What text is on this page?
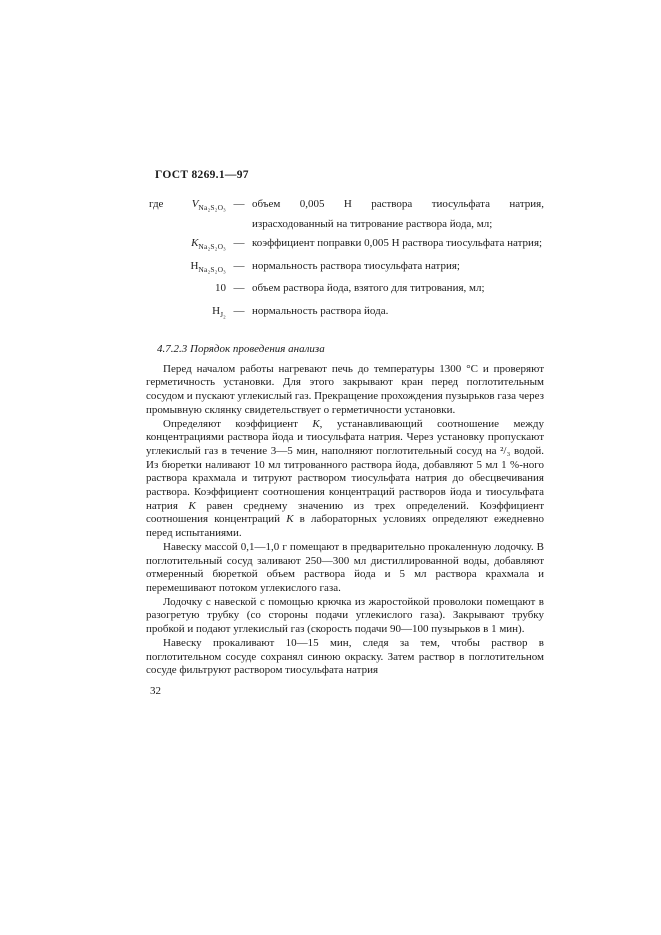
ГОСТ 8269.1—97
где	$V_{Na_2S_2O_3}$ — объем 0,005 Н раствора тиосульфата натрия, израсходованный на титрование раствора йода, мл;
$K_{Na_2S_2O_3}$ — коэффициент поправки 0,005 Н раствора тиосульфата натрия;
$Н_{Na_2S_2O_3}$ — нормальность раствора тиосульфата натрия;
10 — объем раствора йода, взятого для титрования, мл;
$Н_{J_2}$ — нормальность раствора йода.
4.7.2.3 Порядок проведения анализа

Перед началом работы нагревают печь до температуры 1300 °С и проверяют герметичность установки. Для этого закрывают кран перед поглотительным сосудом и пускают углекислый газ. Прекращение прохождения пузырьков газа через промывную склянку свидетельствует о герметичности установки.

Определяют коэффициент К, устанавливающий соотношение между концентрациями раствора йода и тиосульфата натрия. Через установку пропускают углекислый газ в течение 3—5 мин, наполняют поглотительный сосуд на ²/₃ водой. Из бюретки наливают 10 мл титрованного раствора йода, добавляют 5 мл 1 %-ного раствора крахмала и титруют раствором тиосульфата натрия до обесцвечивания раствора. Коэффициент соотношения концентраций растворов йода и тиосульфата натрия К равен среднему значению из трех определений. Коэффициент соотношения концентраций К в лабораторных условиях определяют ежедневно перед испытаниями.

Навеску массой 0,1—1,0 г помещают в предварительно прокаленную лодочку. В поглотительный сосуд заливают 250—300 мл дистиллированной воды, добавляют отмеренный бюреткой объем раствора йода и 5 мл раствора крахмала и перемешивают потоком углекислого газа.

Лодочку с навеской с помощью крючка из жаростойкой проволоки помещают в разогретую трубку (со стороны подачи углекислого газа). Закрывают трубку пробкой и подают углекислый газ (скорость подачи 90—100 пузырьков в 1 мин).

Навеску прокаливают 10—15 мин, следя за тем, чтобы раствор в поглотительном сосуде сохранял синюю окраску. Затем раствор в поглотительном сосуде фильтруют раствором тиосульфата натрия

32
